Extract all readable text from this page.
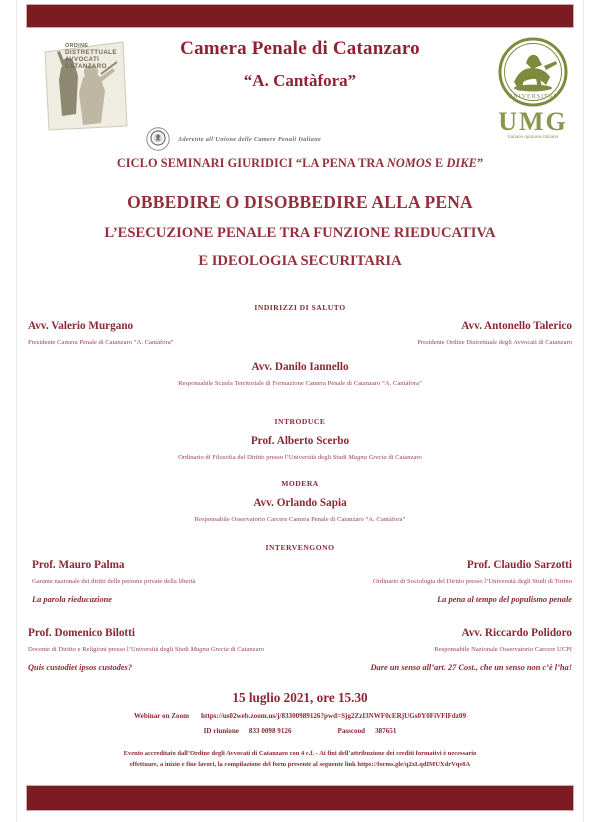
ORDINE
DISTRETTUALE
AVVOCATI
CATANZARO
Camera Penale di Catanzaro
“A. Cantàfora”
Aderente all'Unione delle Camere Penali Italiane
UNIVERSITAS
UMG
Italiano opinione italiano
CICLO SEMINARI GIURIDICI “LA PENA TRA NOMOS E DIKE”
OBBEDIRE O DISOBBEDIRE ALLA PENA
L’ESECUZIONE PENALE TRA FUNZIONE RIEDUCATIVA
E IDEOLOGIA SECURITARIA
INDIRIZZI DI SALUTO
Avv. Valerio Murgano
Presidente Camera Penale di Catanzaro “A. Cantàfora”
Avv. Antonello Talerico
Presidente Ordine Distrettuale degli Avvocati di Catanzaro
Avv. Danilo Iannello
Responsabile Scuola Territoriale di Formazione Camera Penale di Catanzaro “A. Cantàfora”
INTRODUCE
Prof. Alberto Scerbo
Ordinario di Filosofia del Diritto presso l’Università degli Studi Magna Grecia di Catanzaro
MODERA
Avv. Orlando Sapia
Responsabile Osservatorio Carcere Camera Penale di Catanzaro “A. Cantàfora”
INTERVENGONO
Prof. Mauro Palma
Garante nazionale dei diritti delle persone private della libertà
La parola rieducazione
Prof. Claudio Sarzotti
Ordinario di Sociologia del Diritto presso l’Università degli Studi di Torino
La pena al tempo del populismo penale
Prof. Domenico Bilotti
Docente di Diritto e Religioni presso l’Università degli Studi Magna Grecia di Catanzaro
Quis custodiet ipsos custodes?
Avv. Riccardo Polidoro
Responsabile Nazionale Osservatorio Carcere UCPI
Dare un senso all’art. 27 Cost., che un senso non c’è l’ha!
15 luglio 2021, ore 15.30
Webinar on Zoom https://us02web.zoom.us/j/83300989126?pwd=Sjg2ZzI3NWF0cERjUGs0Y0FiVFlFdz09
ID riunione 833 0098 9126	Passcood 387651
Evento accreditato dall’Ordine degli Avvocati di Catanzaro con 4 c.f. - Ai fini dell’attribuzione dei crediti formativi è necessario
effettuare, a inizio e fine lavori, la compilazione del form presente al seguente link https://forms.gle/q2xLqdIMUXdrVqe8A
